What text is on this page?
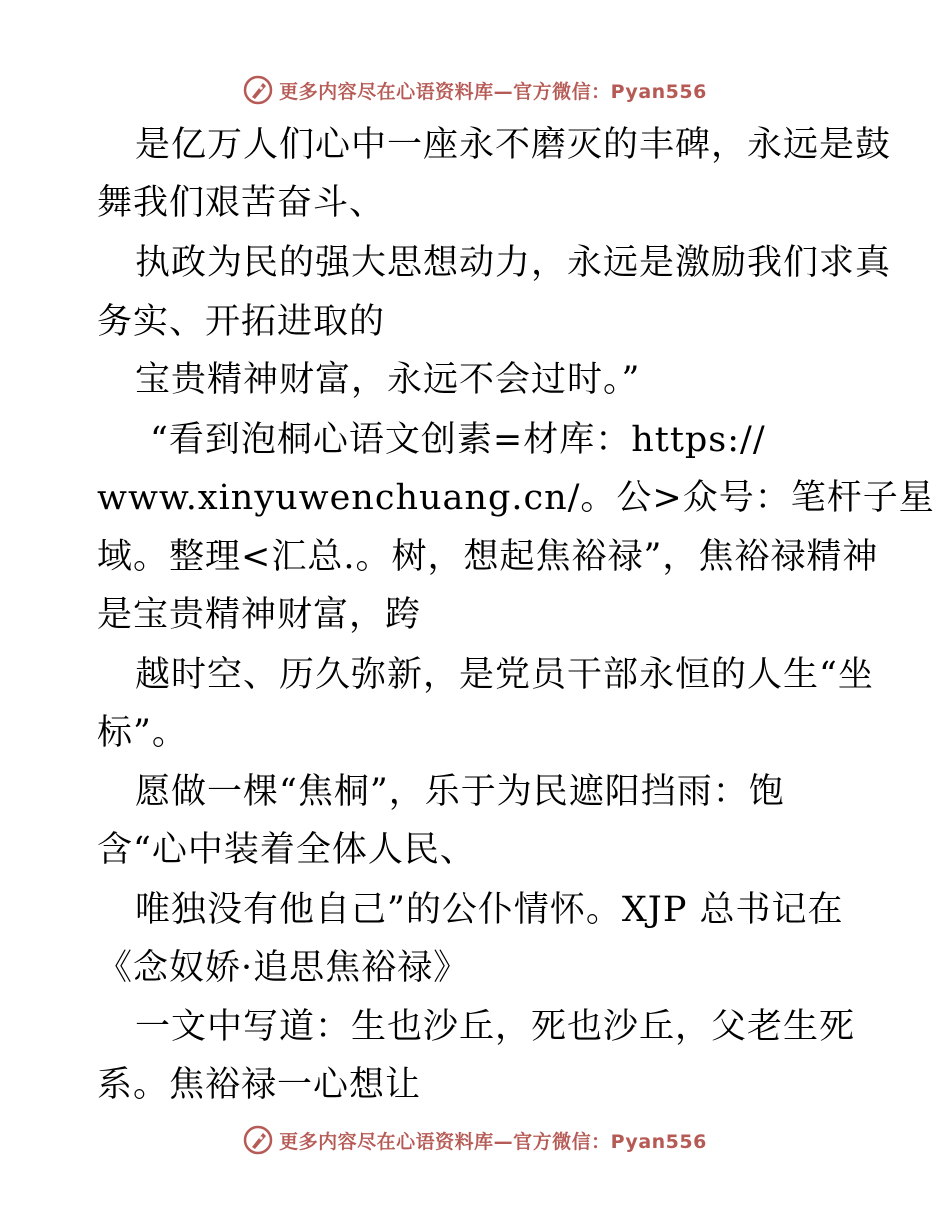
更多内容尽在心语资料库—官方微信：Pyan556
是亿万人们心中一座永不磨灭的丰碑，永远是鼓
舞我们艰苦奋斗、
执政为民的强大思想动力，永远是激励我们求真
务实、开拓进取的
宝贵精神财富，永远不会过时。”
“看到泡桐心语文创素=材库：https://
www.xinyuwenchuang.cn/。公>众号：笔杆子星
域。整理<汇总.。树，想起焦裕禄”，焦裕禄精神
是宝贵精神财富，跨
越时空、历久弥新，是党员干部永恒的人生“坐
标”。
愿做一棵“焦桐”，乐于为民遮阳挡雨：饱
含“心中装着全体人民、
唯独没有他自己”的公仆情怀。XJP 总书记在
《念奴娇·追思焦裕禄》
一文中写道：生也沙丘，死也沙丘，父老生死
系。焦裕禄一心想让
更多内容尽在心语资料库—官方微信：Pyan556
